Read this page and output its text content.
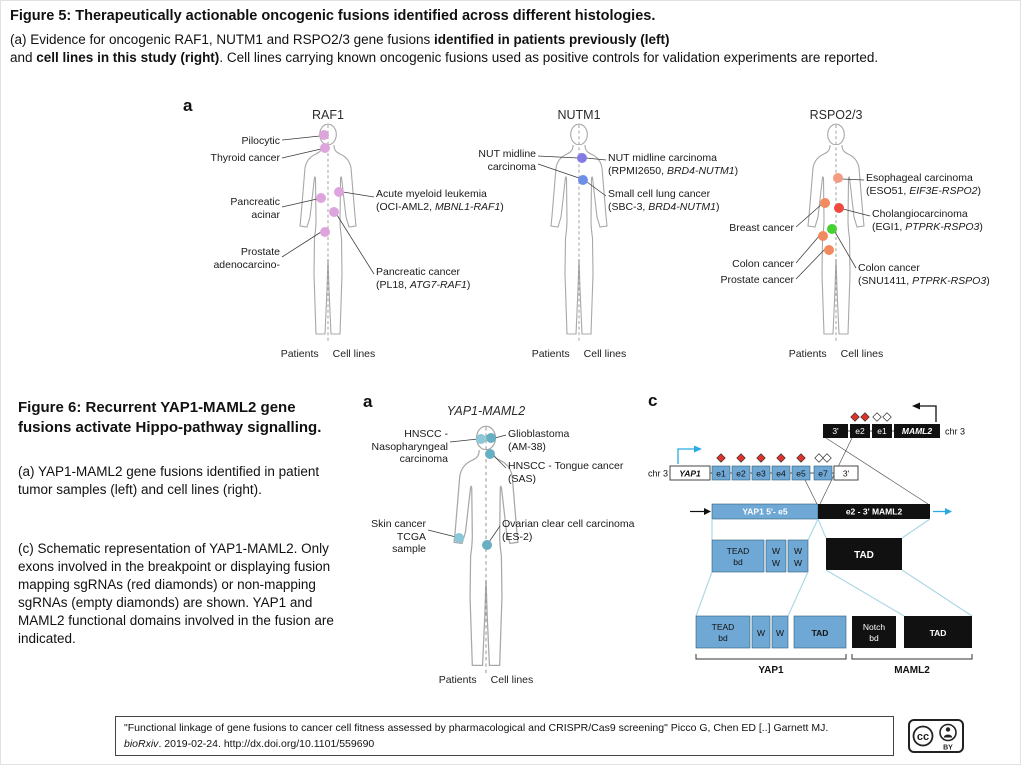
Figure 5: Therapeutically actionable oncogenic fusions identified across different histologies.
(a) Evidence for oncogenic RAF1, NUTM1 and RSPO2/3 gene fusions identified in patients previously (left)
and cell lines in this study (right). Cell lines carrying known oncogenic fusions used as positive controls for validation experiments are reported.
a	RAF1
Pilocytic
Thyroid cancer
Pancreatic acinar
Prostate adenocarcino-
Acute myeloid leukemia
(OCI-AML2, MBNL1-RAF1)
Pancreatic cancer
(PL18, ATG7-RAF1)
Patients Cell lines
NUTM1
NUT midline carcinoma
NUT midline carcinoma
(RPMI2650, BRD4-NUTM1)
Small cell lung cancer
(SBC-3, BRD4-NUTM1)
Patients Cell lines
RSPO2/3
Breast cancer
Colon cancer
Prostate cancer
Esophageal carcinoma
(ESO51, EIF3E-RSPO2)
Cholangiocarcinoma
(EGI1, PTPRK-RSPO3)
Colon cancer
(SNU1411, PTPRK-RSPO3)
Patients Cell lines
Figure 6: Recurrent YAP1-MAML2 gene fusions activate Hippo-pathway signalling.
(a) YAP1-MAML2 gene fusions identified in patient tumor samples (left) and cell lines (right).
(c) Schematic representation of YAP1-MAML2. Only exons involved in the breakpoint or displaying fusion mapping sgRNAs (red diamonds) or non-mapping sgRNAs (empty diamonds) are shown. YAP1 and MAML2 functional domains involved in the fusion are indicated.
a	YAP1-MAML2
HNSCC - Nasopharyngeal carcinoma
Skin cancer TCGA sample
Glioblastoma
(AM-38)
HNSCC - Tongue cancer
(SAS)
Ovarian clear cell carcinoma
(ES-2)
Patients Cell lines
3' e2 e1 MAML2 chr 3
chr 3 YAP1 e1 e2 e3 e4 e5 e7 3'
YAP1 5'- e5	e2 - 3' MAML2
TEAD
bd
W
W
W
W
TAD
TEAD
bd	W W	TAD
Notch
bd	TAD
YAP1	MAML2
c
"Functional linkage of gene fusions to cancer cell fitness assessed by pharmacological and CRISPR/Cas9 screening" Picco G, Chen ED [..] Garnett MJ.
bioRxiv. 2019-02-24. http://dx.doi.org/10.1101/559690
cc
BY
